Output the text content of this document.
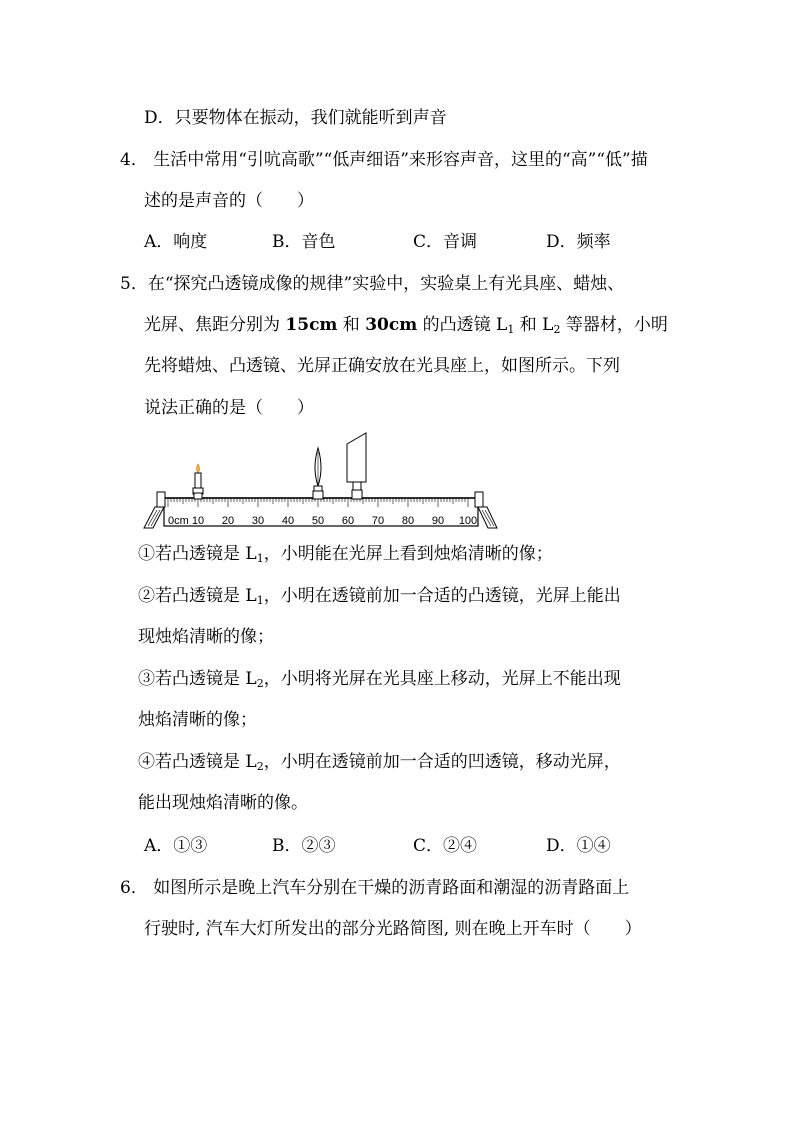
D．只要物体在振动，我们就能听到声音
4． 生活中常用“引吭高歌”“低声细语”来形容声音，这里的“高”“低”描
述的是声音的（　　）
A．响度	B．音色	C．音调	D．频率
5．在“探究凸透镜成像的规律”实验中，实验桌上有光具座、蜡烛、
光屏、焦距分别为 15cm 和 30cm 的凸透镜 $L_1$ 和 $L_2$ 等器材，小明
先将蜡烛、凸透镜、光屏正确安放在光具座上，如图所示。下列
说法正确的是（　　）
0cm 10 20 30 40 50 60 70 80 90 100
①若凸透镜是 $L_1$，小明能在光屏上看到烛焰清晰的像；
②若凸透镜是 $L_1$，小明在透镜前加一合适的凸透镜，光屏上能出
现烛焰清晰的像；
③若凸透镜是 $L_2$，小明将光屏在光具座上移动，光屏上不能出现
烛焰清晰的像；
④若凸透镜是 $L_2$，小明在透镜前加一合适的凹透镜，移动光屏，
能出现烛焰清晰的像。
A．①③	B．②③	C．②④	D．①④
6． 如图所示是晚上汽车分别在干燥的沥青路面和潮湿的沥青路面上
行驶时, 汽车大灯所发出的部分光路简图, 则在晚上开车时（　　）
